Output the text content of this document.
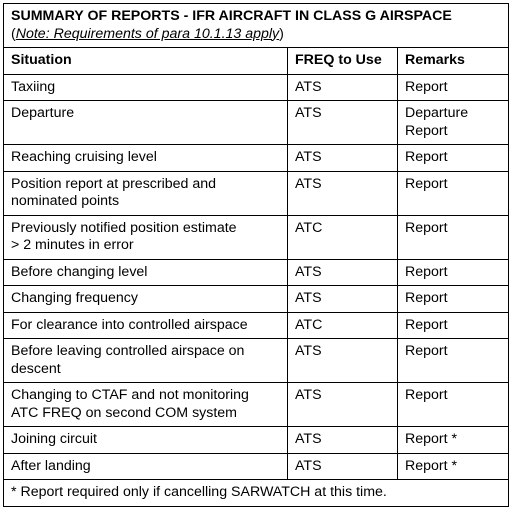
SUMMARY OF REPORTS - IFR AIRCRAFT IN CLASS G AIRSPACE
(Note: Requirements of para 10.1.13 apply)		

Situation	FREQ to Use	Remarks
Taxiing	ATS	Report
Departure	ATS	Departure
Report
Reaching cruising level	ATS	Report
Position report at prescribed and
nominated points	ATS	Report
Previously notified position estimate
> 2 minutes in error	ATC	Report
Before changing level	ATS	Report
Changing frequency	ATS	Report
For clearance into controlled airspace	ATC	Report
Before leaving controlled airspace on
descent	ATS	Report
Changing to CTAF and not monitoring
ATC FREQ on second COM system	ATS	Report
Joining circuit	ATS	Report *
After landing	ATS	Report *
* Report required only if cancelling SARWATCH at this time.		
